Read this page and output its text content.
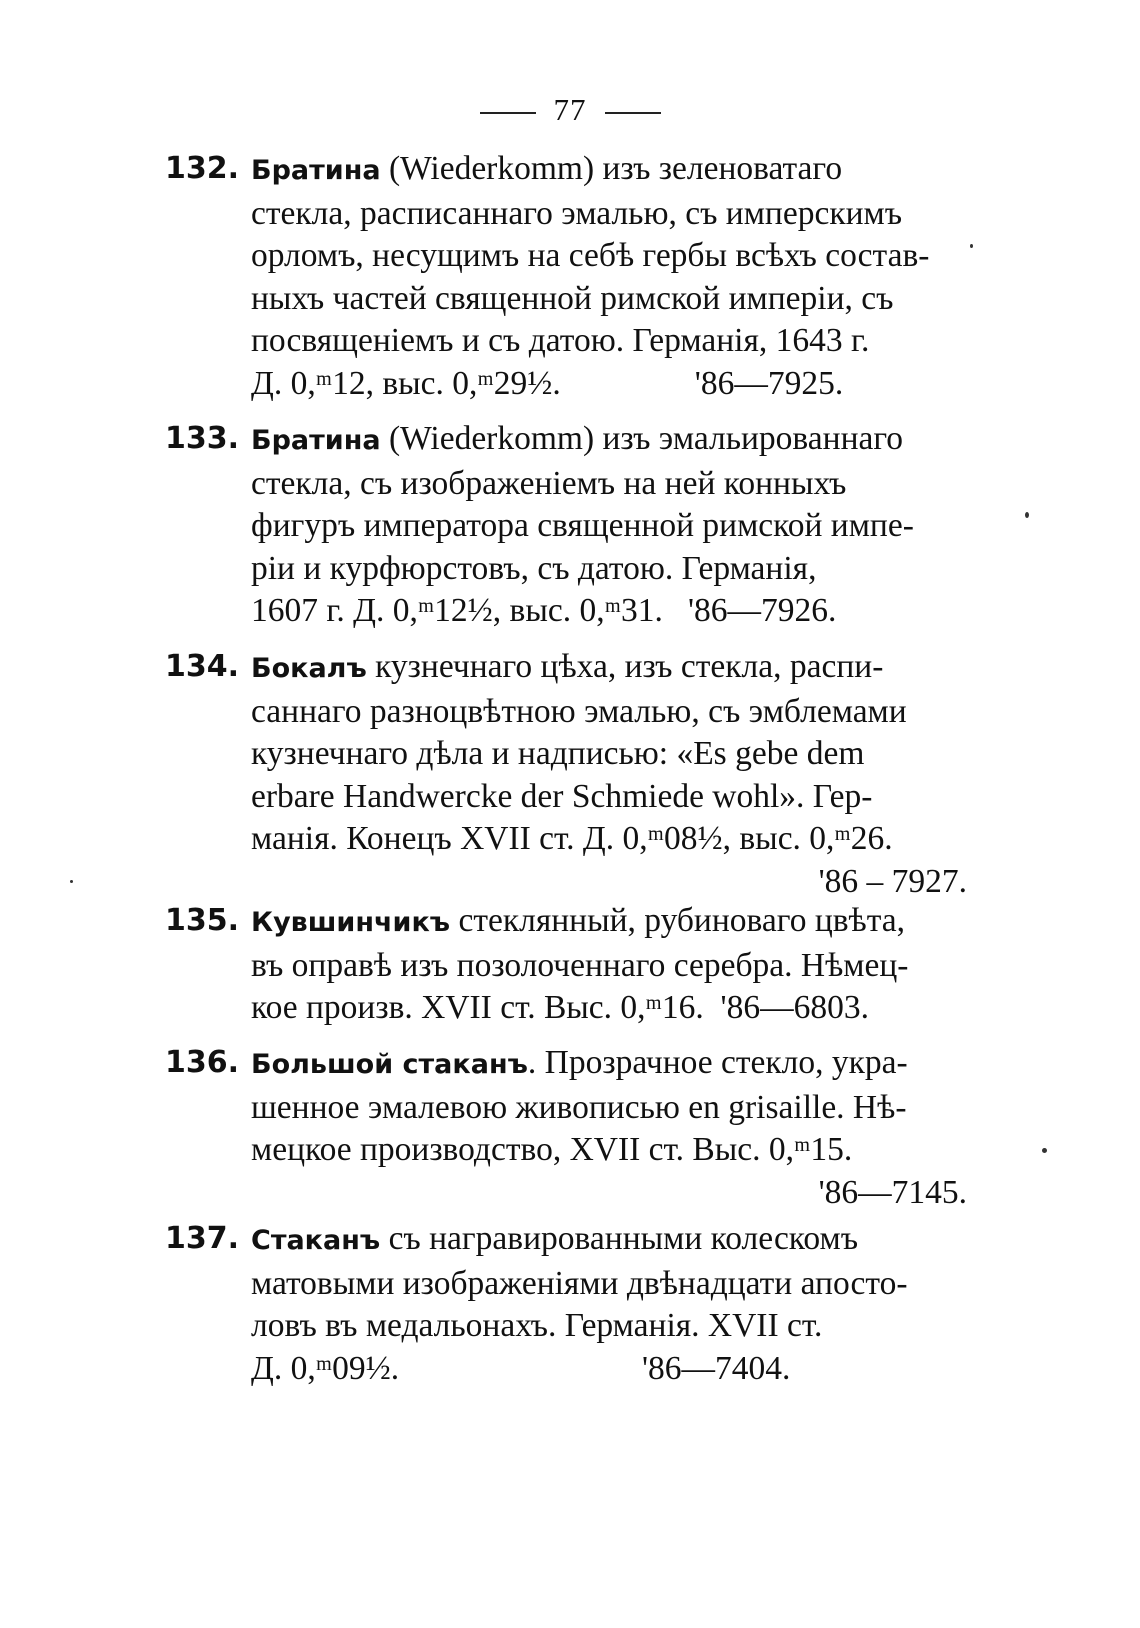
77
132. Братина (Wiederkomm) изъ зеленоватаго
стекла, расписаннаго эмалью, съ имперскимъ
орломъ, несущимъ на себѣ гербы всѣхъ состав-
ныхъ частей священной римской имперіи, съ
посвященіемъ и съ датою. Германія, 1643 г.
Д. 0,ᵐ12, выс. 0,ᵐ29½.                '86—7925.
133. Братина (Wiederkomm) изъ эмальированнаго
стекла, съ изображеніемъ на ней конныхъ
фигуръ императора священной римской импе-
ріи и курфюрстовъ, съ датою. Германія,
1607 г. Д. 0,ᵐ12½, выс. 0,ᵐ31.   '86—7926.
134. Бокалъ кузнечнаго цѣха, изъ стекла, распи-
саннаго разноцвѣтною эмалью, съ эмблемами
кузнечнаго дѣла и надписью: «Es gebe dem
erbare Handwercke der Schmiede wohl». Гер-
манія. Конецъ XVII ст. Д. 0,ᵐ08½, выс. 0,ᵐ26.
'86 – 7927.
135. Кувшинчикъ стеклянный, рубиноваго цвѣта,
въ оправѣ изъ позолоченнаго серебра. Нѣмец-
кое произв. XVII ст. Выс. 0,ᵐ16.  '86—6803.
136. Большой стаканъ. Прозрачное стекло, укра-
шенное эмалевою живописью en grisaille. Нѣ-
мецкое производство, XVII ст. Выс. 0,ᵐ15.
'86—7145.
137. Стаканъ съ награвированными колескомъ
матовыми изображеніями двѣнадцати апосто-
ловъ въ медальонахъ. Германія. XVII ст.
Д. 0,ᵐ09½.                             '86—7404.
